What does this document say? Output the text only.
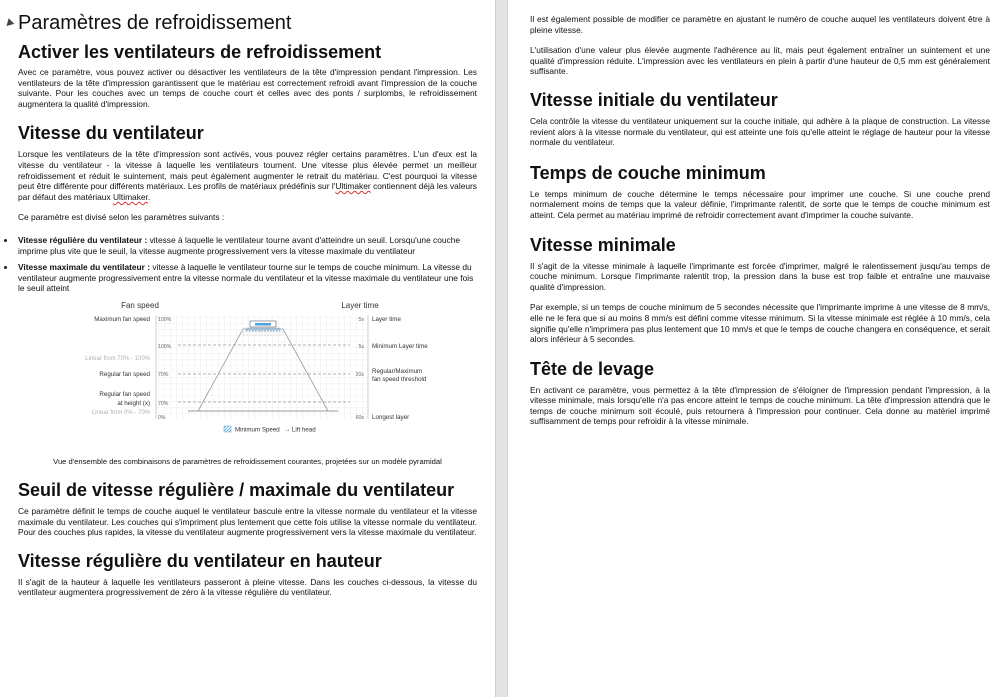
Paramètres de refroidissement
Activer les ventilateurs de refroidissement

Avec ce paramètre, vous pouvez activer ou désactiver les ventilateurs de la tête d'impression pendant l'impression. Les ventilateurs de la tête d'impression garantissent que le matériau est correctement refroidi avant l'impression de la couche suivante. Pour les couches avec un temps de couche court et celles avec des ponts / surplombs, le refroidissement augmentera la qualité d'impression.

Vitesse du ventilateur

Lorsque les ventilateurs de la tête d'impression sont activés, vous pouvez régler certains paramètres. L'un d'eux est la vitesse du ventilateur - la vitesse à laquelle les ventilateurs tournent. Une vitesse plus élevée permet un meilleur refroidissement et réduit le suintement, mais peut également augmenter le retrait du matériau. C'est pourquoi la vitesse peut être différente pour différents matériaux. Les profils de matériaux prédéfinis sur l'Ultimaker contiennent déjà les valeurs par défaut des matériaux Ultimaker.

Ce paramètre est divisé selon les paramètres suivants :

Vitesse régulière du ventilateur : vitesse à laquelle le ventilateur tourne avant d'atteindre un seuil. Lorsqu'une couche imprime plus vite que le seuil, la vitesse augmente progressivement vers la vitesse maximale du ventilateur
Vitesse maximale du ventilateur : vitesse à laquelle le ventilateur tourne sur le temps de couche minimum. La vitesse du ventilateur augmente progressivement entre la vitesse normale du ventilateur et la vitesse maximale du ventilateur une fois le seuil atteint
Fan speed	Layer time
Maximum fan speed 100%
100%
Linear from 70% - 100%
Regular fan speed 70%
Regular fan speed
at height (x) 70%
Linear from 0% - 70%
0%
5s
5s
20s
60s
Layer time
Minimum Layer time
Regular/Maximum
fan speed threshold
Longest layer
Minimum Speed → Lift head

Vue d'ensemble des combinaisons de paramètres de refroidissement courantes, projetées sur un modèle pyramidal

Seuil de vitesse régulière / maximale du ventilateur

Ce paramètre définit le temps de couche auquel le ventilateur bascule entre la vitesse normale du ventilateur et la vitesse maximale du ventilateur. Les couches qui s'impriment plus lentement que cette fois utilise la vitesse normale du ventilateur. Pour des couches plus rapides, la vitesse du ventilateur augmente progressivement vers la vitesse maximale du ventilateur.

Vitesse régulière du ventilateur en hauteur

Il s'agit de la hauteur à laquelle les ventilateurs passeront à pleine vitesse. Dans les couches ci-dessous, la vitesse du ventilateur augmentera progressivement de zéro à la vitesse régulière du ventilateur.

Il est également possible de modifier ce paramètre en ajustant le numéro de couche auquel les ventilateurs doivent être à pleine vitesse.

L'utilisation d'une valeur plus élevée augmente l'adhérence au lit, mais peut également entraîner un suintement et une qualité d'impression réduite. L'impression avec les ventilateurs en plein à partir d'une hauteur de 0,5 mm est généralement suffisante.

Vitesse initiale du ventilateur

Cela contrôle la vitesse du ventilateur uniquement sur la couche initiale, qui adhère à la plaque de construction. La vitesse revient alors à la vitesse normale du ventilateur, qui est atteinte une fois qu'elle atteint le réglage de hauteur pour la vitesse normale du ventilateur.

Temps de couche minimum

Le temps minimum de couche détermine le temps nécessaire pour imprimer une couche. Si une couche prend normalement moins de temps que la valeur définie, l'imprimante ralentit, de sorte que le temps de couche minimum est atteint. Cela permet au matériau imprimé de refroidir correctement avant d'imprimer la couche suivante.

Vitesse minimale

Il s'agit de la vitesse minimale à laquelle l'imprimante est forcée d'imprimer, malgré le ralentissement jusqu'au temps de couche minimum. Lorsque l'imprimante ralentit trop, la pression dans la buse est trop faible et entraîne une mauvaise qualité d'impression.

Par exemple, si un temps de couche minimum de 5 secondes nécessite que l'imprimante imprime à une vitesse de 8 mm/s, elle ne le fera que si au moins 8 mm/s est défini comme vitesse minimum. Si la vitesse minimale est réglée à 10 mm/s, cela signifie qu'elle n'imprimera pas plus lentement que 10 mm/s et que le temps de couche changera en conséquence, et serait alors inférieur à 5 secondes.

Tête de levage

En activant ce paramètre, vous permettez à la tête d'impression de s'éloigner de l'impression pendant l'impression, à la vitesse minimale, mais lorsqu'elle n'a pas encore atteint le temps de couche minimum. La tête d'impression attendra que le temps de couche minimum soit écoulé, puis retournera à l'impression pour continuer. Cela donne au matériel imprimé suffisamment de temps pour refroidir à la vitesse minimale.
